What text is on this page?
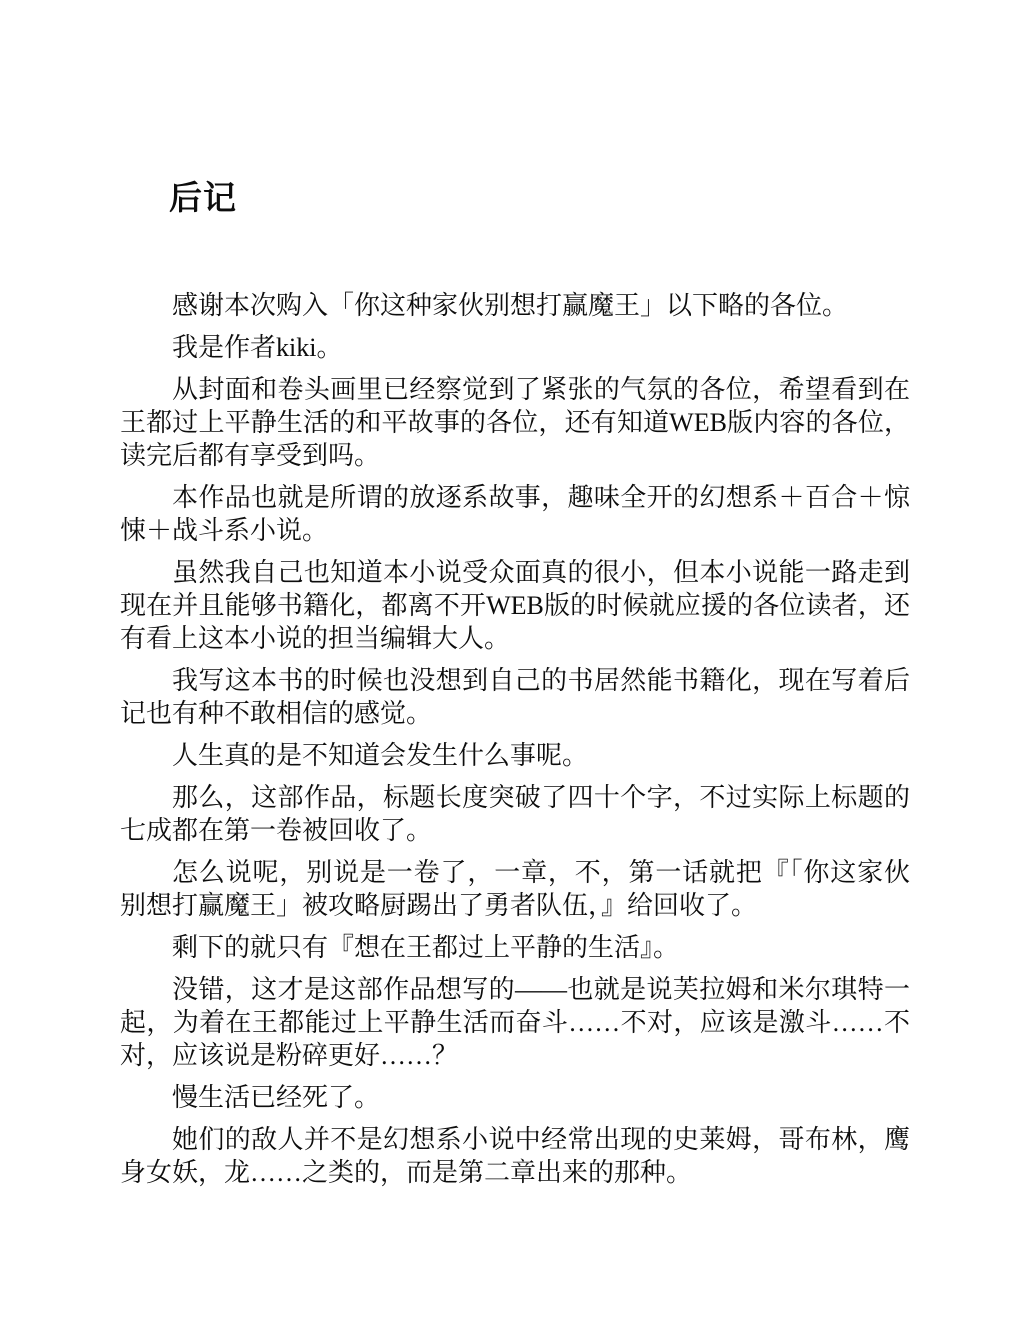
后记

感谢本次购入「你这种家伙别想打赢魔王」以下略的各位。

我是作者kiki。

从封面和卷头画里已经察觉到了紧张的气氛的各位，希望看到在王都过上平静生活的和平故事的各位，还有知道WEB版内容的各位，读完后都有享受到吗。

本作品也就是所谓的放逐系故事，趣味全开的幻想系＋百合＋惊悚＋战斗系小说。

虽然我自己也知道本小说受众面真的很小，但本小说能一路走到现在并且能够书籍化，都离不开WEB版的时候就应援的各位读者，还有看上这本小说的担当编辑大人。

我写这本书的时候也没想到自己的书居然能书籍化，现在写着后记也有种不敢相信的感觉。

人生真的是不知道会发生什么事呢。

那么，这部作品，标题长度突破了四十个字，不过实际上标题的七成都在第一卷被回收了。

怎么说呢，别说是一卷了，一章，不，第一话就把『「你这家伙别想打赢魔王」被攻略厨踢出了勇者队伍，』给回收了。

剩下的就只有『想在王都过上平静的生活』。

没错，这才是这部作品想写的——也就是说芙拉姆和米尔琪特一起，为着在王都能过上平静生活而奋斗……不对，应该是激斗……不对，应该说是粉碎更好……？

慢生活已经死了。

她们的敌人并不是幻想系小说中经常出现的史莱姆，哥布林，鹰身女妖，龙……之类的，而是第二章出来的那种。
